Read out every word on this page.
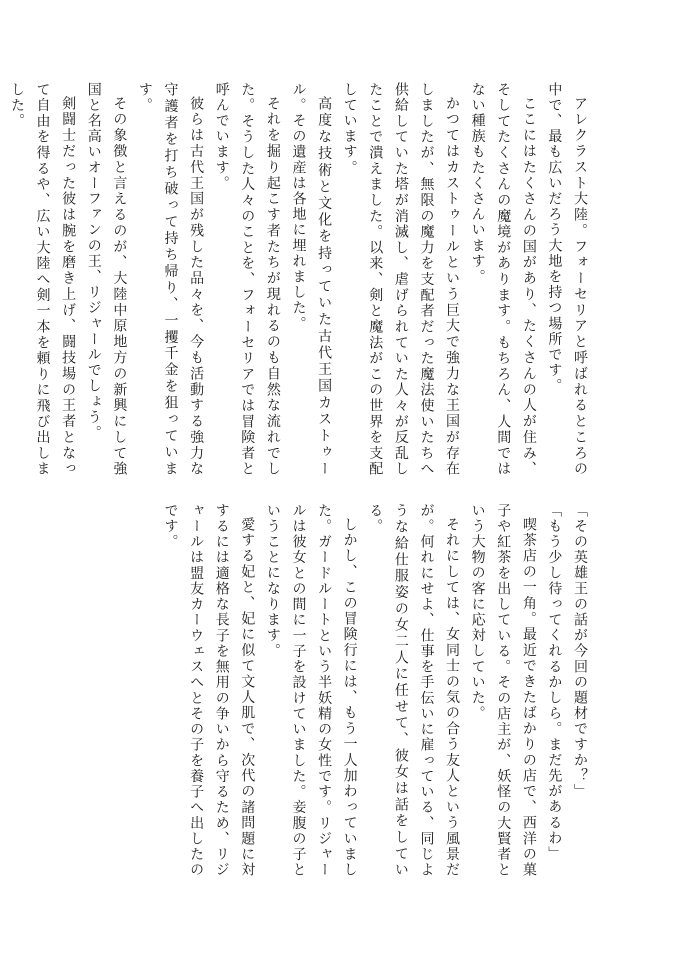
アレクラスト大陸。フォーセリアと呼ばれるところの中で、最も広いだろう大地を持つ場所です。

ここにはたくさんの国があり、たくさんの人が住み、そしてたくさんの魔境があります。もちろん、人間ではない種族もたくさんいます。

かつてはカストゥールという巨大で強力な王国が存在しましたが、無限の魔力を支配者だった魔法使いたちへ供給していた塔が消滅し、虐げられていた人々が反乱したことで潰えました。以来、剣と魔法がこの世界を支配しています。

高度な技術と文化を持っていた古代王国カストゥール。その遺産は各地に埋れました。

それを掘り起こす者たちが現れるのも自然な流れでした。そうした人々のことを、フォーセリアでは冒険者と呼んでいます。

彼らは古代王国が残した品々を、今も活動する強力な守護者を打ち破って持ち帰り、一攫千金を狙っています。

その象徴と言えるのが、大陸中原地方の新興にして強国と名高いオーファンの王、リジャールでしょう。

剣闘士だった彼は腕を磨き上げ、闘技場の王者となって自由を得るや、広い大陸へ剣一本を頼りに飛び出しました。

「その英雄王の話が今回の題材ですか？」

「もう少し待ってくれるかしら。まだ先があるわ」

喫茶店の一角。最近できたばかりの店で、西洋の菓子や紅茶を出している。その店主が、妖怪の大賢者という大物の客に応対していた。

それにしては、女同士の気の合う友人という風景だが。何れにせよ、仕事を手伝いに雇っている、同じような給仕服姿の女二人に任せて、彼女は話をしている。

しかし、この冒険行には、もう一人加わっていました。ガードルートという半妖精の女性です。リジャールは彼女との間に一子を設けていました。妾腹の子ということになります。

愛する妃と、妃に似て文人肌で、次代の諸問題に対するには適格な長子を無用の争いから守るため、リジャールは盟友カーウェスへとその子を養子へ出したのです。
